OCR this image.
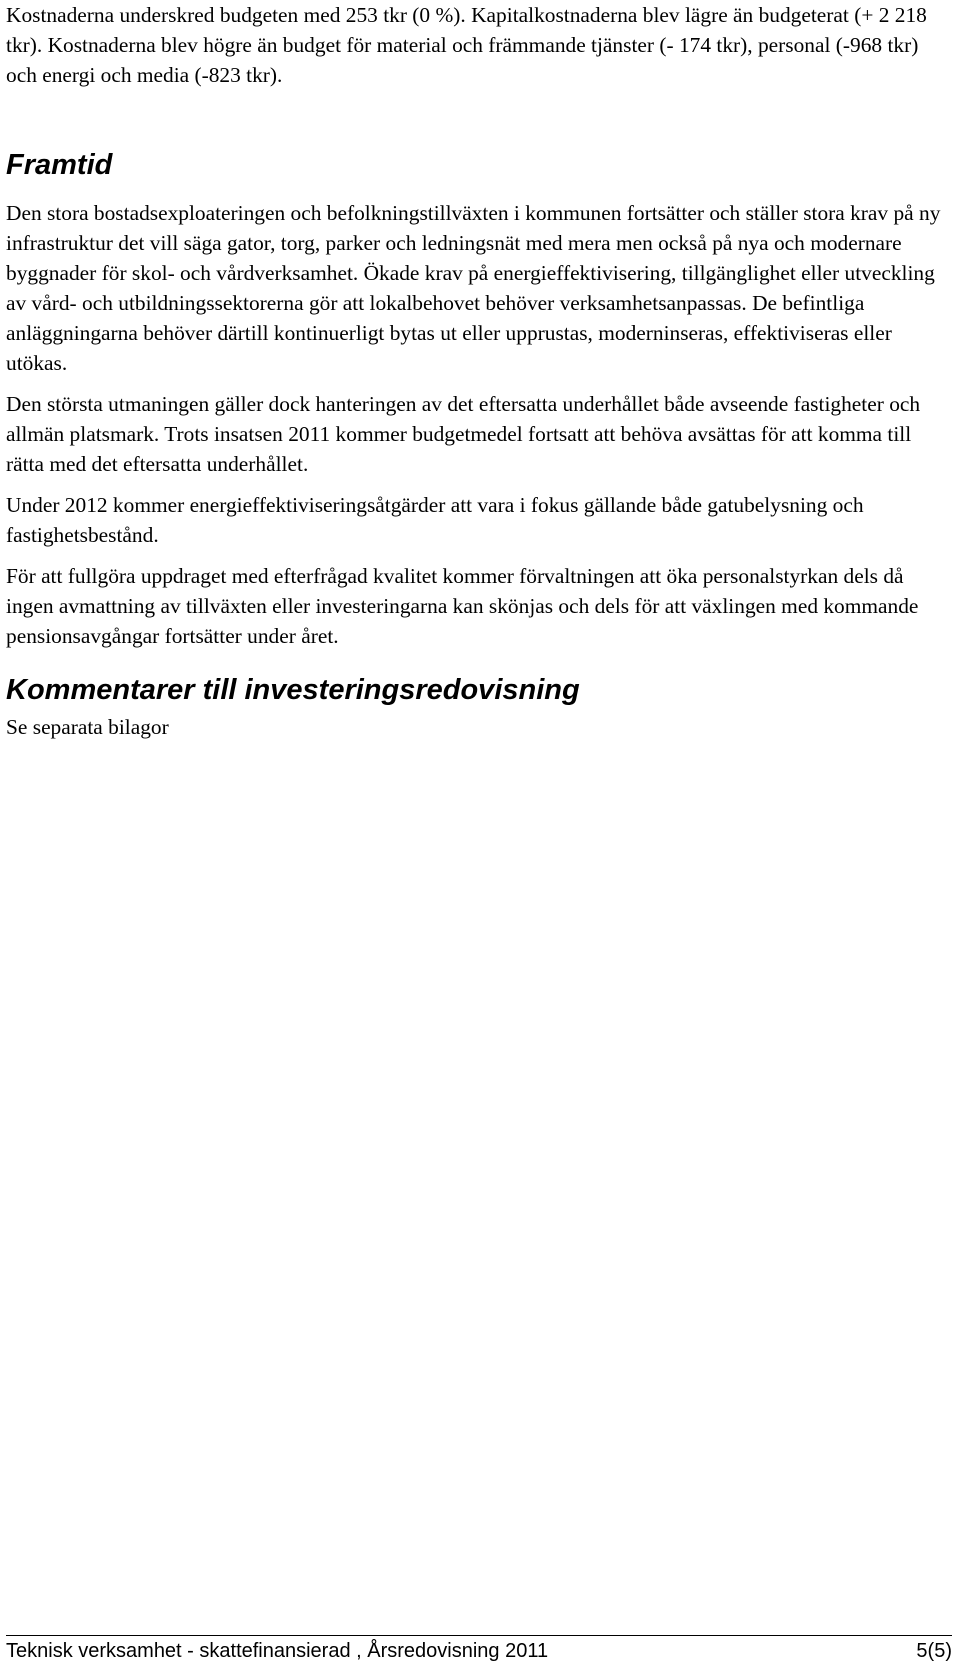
Kostnaderna underskred budgeten med 253 tkr (0 %). Kapitalkostnaderna blev lägre än budgeterat (+ 2 218 tkr). Kostnaderna blev högre än budget för material och främmande tjänster (- 174 tkr), personal (-968 tkr) och energi och media (-823 tkr).

Framtid

Den stora bostadsexploateringen och befolkningstillväxten i kommunen fortsätter och ställer stora krav på ny infrastruktur det vill säga gator, torg, parker och ledningsnät med mera men också på nya och modernare byggnader för skol- och vårdverksamhet. Ökade krav på energieffektivisering, tillgänglighet eller utveckling av vård- och utbildningssektorerna gör att lokalbehovet behöver verksamhetsanpassas. De befintliga anläggningarna behöver därtill kontinuerligt bytas ut eller upprustas, moderninseras, effektiviseras eller utökas.

Den största utmaningen gäller dock hanteringen av det eftersatta underhållet både avseende fastigheter och allmän platsmark. Trots insatsen 2011 kommer budgetmedel fortsatt att behöva avsättas för att komma till rätta med det eftersatta underhållet.

Under 2012 kommer energieffektiviseringsåtgärder att vara i fokus gällande både gatubelysning och fastighetsbestånd.

För att fullgöra uppdraget med efterfrågad kvalitet kommer förvaltningen att öka personalstyrkan dels då ingen avmattning av tillväxten eller investeringarna kan skönjas och dels för att växlingen med kommande pensionsavgångar fortsätter under året.

Kommentarer till investeringsredovisning

Se separata bilagor

Teknisk verksamhet - skattefinansierad , Årsredovisning 2011	5(5)
